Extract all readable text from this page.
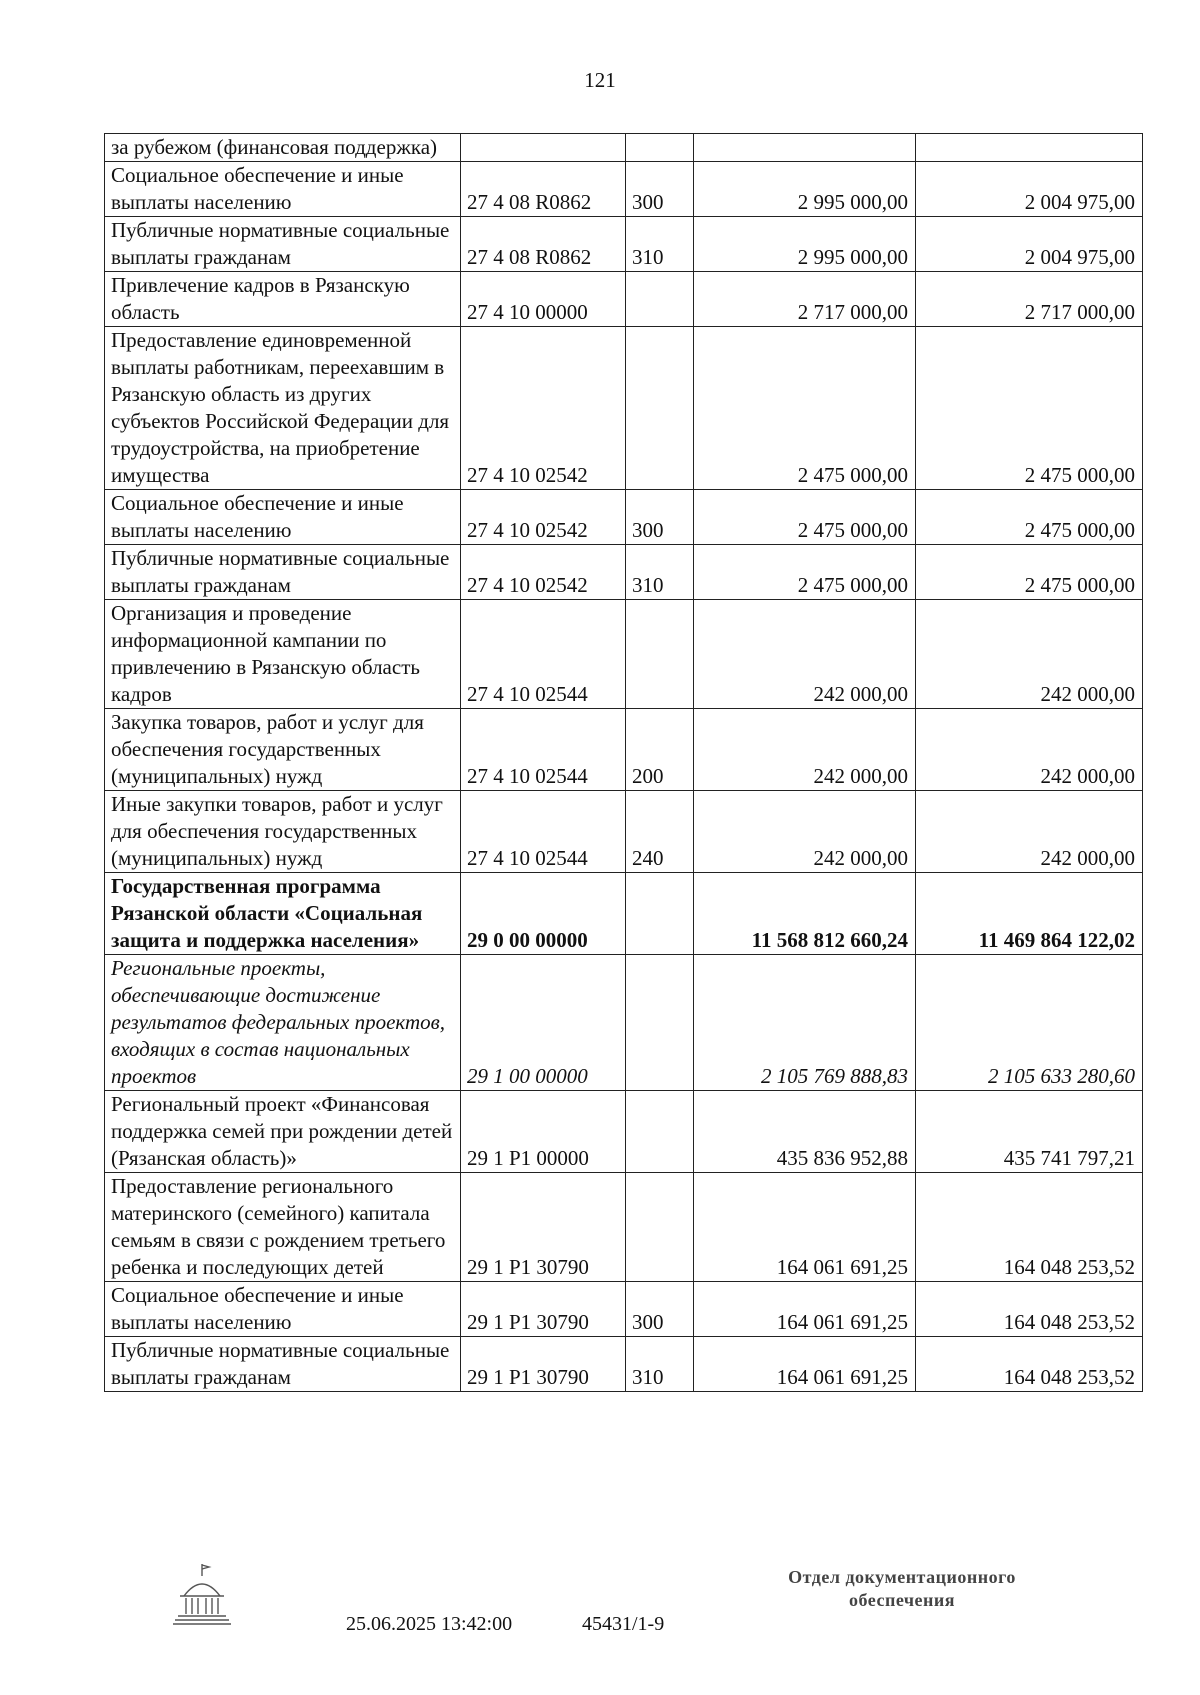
121
за рубежом (финансовая поддержка)				
Социальное обеспечение и иные выплаты населению	27 4 08 R0862	300	2 995 000,00	2 004 975,00
Публичные нормативные социальные выплаты гражданам	27 4 08 R0862	310	2 995 000,00	2 004 975,00
Привлечение кадров в Рязанскую область	27 4 10 00000		2 717 000,00	2 717 000,00
Предоставление единовременной выплаты работникам, переехавшим в Рязанскую область из других субъектов Российской Федерации для трудоустройства, на приобретение имущества	27 4 10 02542		2 475 000,00	2 475 000,00
Социальное обеспечение и иные выплаты населению	27 4 10 02542	300	2 475 000,00	2 475 000,00
Публичные нормативные социальные выплаты гражданам	27 4 10 02542	310	2 475 000,00	2 475 000,00
Организация и проведение информационной кампании по привлечению в Рязанскую область кадров	27 4 10 02544		242 000,00	242 000,00
Закупка товаров, работ и услуг для обеспечения государственных (муниципальных) нужд	27 4 10 02544	200	242 000,00	242 000,00
Иные закупки товаров, работ и услуг для обеспечения государственных (муниципальных) нужд	27 4 10 02544	240	242 000,00	242 000,00
Государственная программа Рязанской области «Социальная защита и поддержка населения»	29 0 00 00000		11 568 812 660,24	11 469 864 122,02
Региональные проекты, обеспечивающие достижение результатов федеральных проектов, входящих в состав национальных проектов	29 1 00 00000		2 105 769 888,83	2 105 633 280,60
Региональный проект «Финансовая поддержка семей при рождении детей (Рязанская область)»	29 1 P1 00000		435 836 952,88	435 741 797,21
Предоставление регионального материнского (семейного) капитала семьям в связи с рождением третьего ребенка и последующих детей	29 1 P1 30790		164 061 691,25	164 048 253,52
Социальное обеспечение и иные выплаты населению	29 1 P1 30790	300	164 061 691,25	164 048 253,52
Публичные нормативные социальные выплаты гражданам	29 1 P1 30790	310	164 061 691,25	164 048 253,52
25.06.2025 13:42:00	45431/1-9
Отдел документационного
обеспечения
